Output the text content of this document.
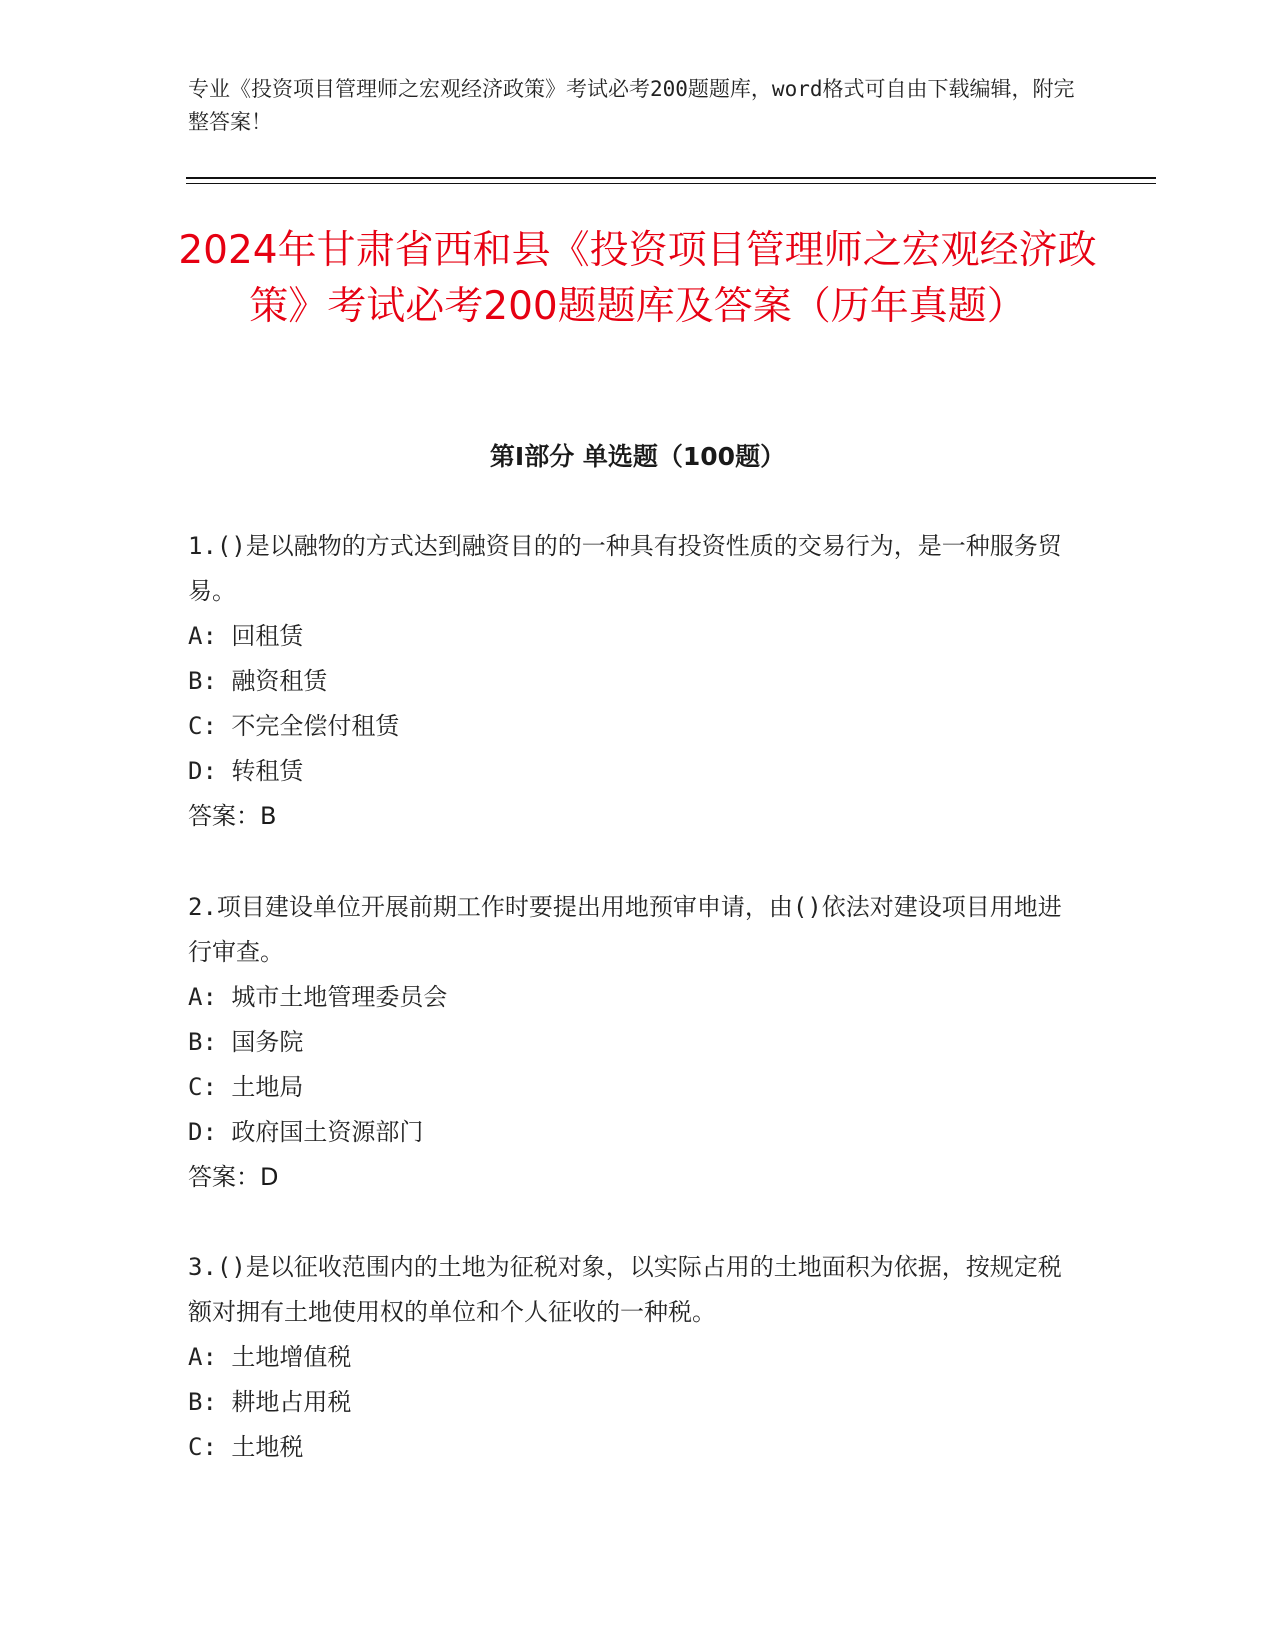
专业《投资项目管理师之宏观经济政策》考试必考200题题库，word格式可自由下载编辑，附完整答案！
2024年甘肃省西和县《投资项目管理师之宏观经济政策》考试必考200题题库及答案（历年真题）
第I部分 单选题（100题）
1.()是以融物的方式达到融资目的的一种具有投资性质的交易行为，是一种服务贸易。
A: 回租赁
B: 融资租赁
C: 不完全偿付租赁
D: 转租赁
答案：B
2.项目建设单位开展前期工作时要提出用地预审申请，由()依法对建设项目用地进行审查。
A: 城市土地管理委员会
B: 国务院
C: 土地局
D: 政府国土资源部门
答案：D
3.()是以征收范围内的土地为征税对象，以实际占用的土地面积为依据，按规定税额对拥有土地使用权的单位和个人征收的一种税。
A: 土地增值税
B: 耕地占用税
C: 土地税
